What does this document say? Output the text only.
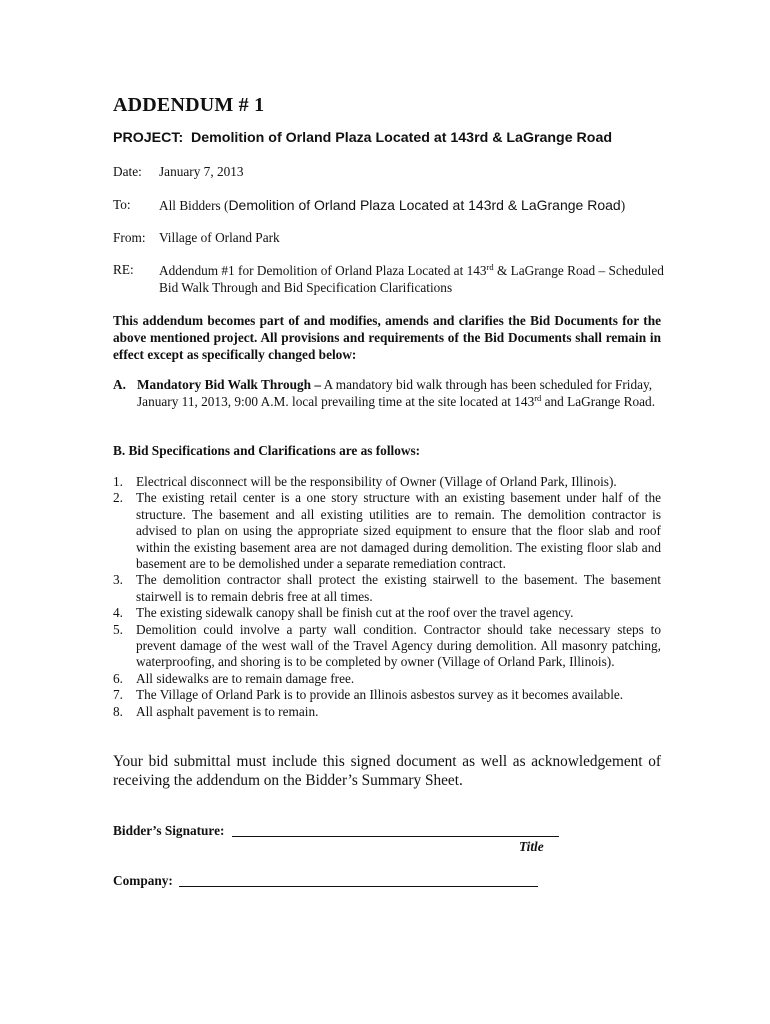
ADDENDUM # 1
PROJECT:  Demolition of Orland Plaza Located at 143rd & LaGrange Road
Date:	January 7, 2013
To:	All Bidders (Demolition of Orland Plaza Located at 143rd & LaGrange Road)
From:	Village of Orland Park
RE:	Addendum #1 for Demolition of Orland Plaza Located at 143rd & LaGrange Road – Scheduled Bid Walk Through and Bid Specification Clarifications
This addendum becomes part of and modifies, amends and clarifies the Bid Documents for the above mentioned project. All provisions and requirements of the Bid Documents shall remain in effect except as specifically changed below:
A. Mandatory Bid Walk Through – A mandatory bid walk through has been scheduled for Friday, January 11, 2013, 9:00 A.M. local prevailing time at the site located at 143rd and LaGrange Road.
B. Bid Specifications and Clarifications are as follows:
1. Electrical disconnect will be the responsibility of Owner (Village of Orland Park, Illinois).
2. The existing retail center is a one story structure with an existing basement under half of the structure. The basement and all existing utilities are to remain. The demolition contractor is advised to plan on using the appropriate sized equipment to ensure that the floor slab and roof within the existing basement area are not damaged during demolition. The existing floor slab and basement are to be demolished under a separate remediation contract.
3. The demolition contractor shall protect the existing stairwell to the basement. The basement stairwell is to remain debris free at all times.
4. The existing sidewalk canopy shall be finish cut at the roof over the travel agency.
5. Demolition could involve a party wall condition. Contractor should take necessary steps to prevent damage of the west wall of the Travel Agency during demolition. All masonry patching, waterproofing, and shoring is to be completed by owner (Village of Orland Park, Illinois).
6. All sidewalks are to remain damage free.
7. The Village of Orland Park is to provide an Illinois asbestos survey as it becomes available.
8. All asphalt pavement is to remain.
Your bid submittal must include this signed document as well as acknowledgement of receiving the addendum on the Bidder’s Summary Sheet.
Bidder’s Signature:
Title
Company:
